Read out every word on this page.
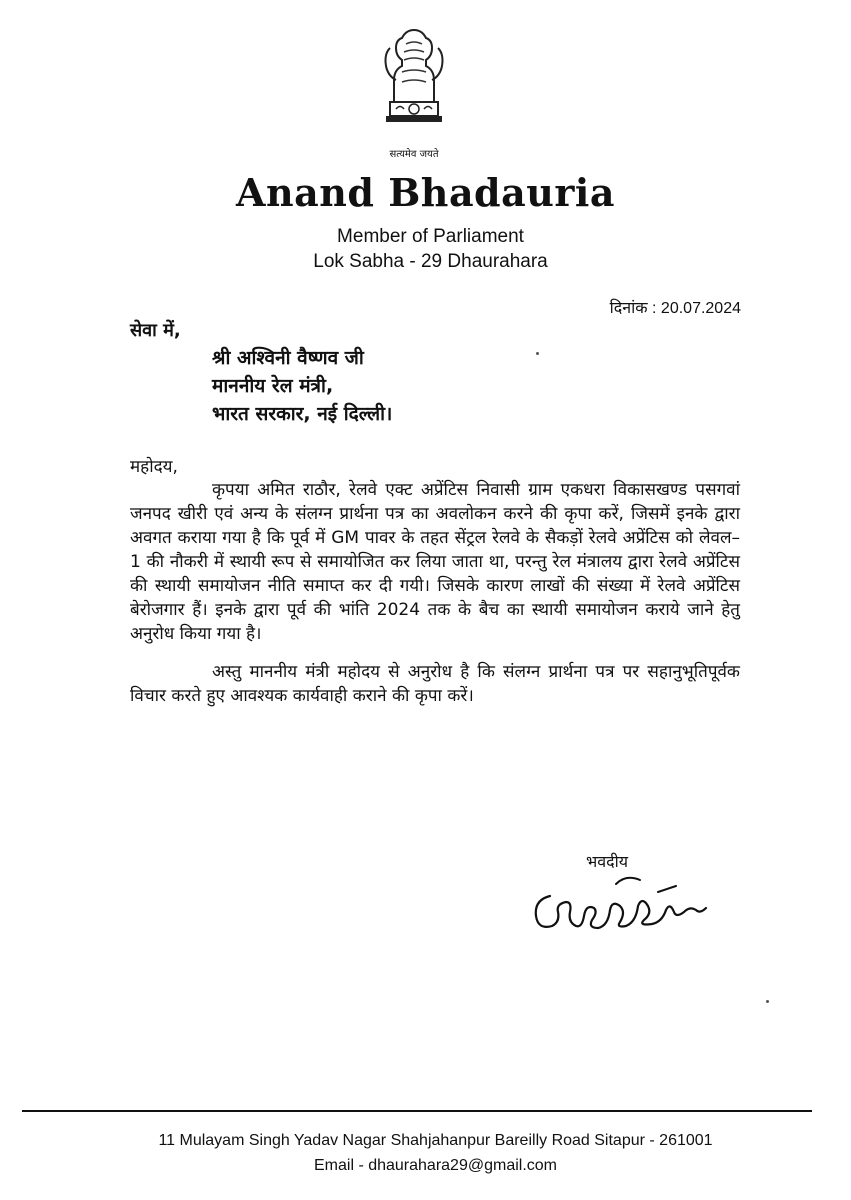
सत्यमेव जयते
Anand Bhadauria
Member of Parliament
Lok Sabha - 29 Dhaurahara
दिनांक : 20.07.2024
सेवा में,
श्री अश्विनी वैष्णव जी
माननीय रेल मंत्री,
भारत सरकार, नई दिल्ली।
महोदय,

कृपया अमित राठौर, रेलवे एक्ट अप्रेंटिस निवासी ग्राम एकधरा विकासखण्ड पसगवां जनपद खीरी एवं अन्य के संलग्न प्रार्थना पत्र का अवलोकन करने की कृपा करें, जिसमें इनके द्वारा अवगत कराया गया है कि पूर्व में GM पावर के तहत सेंट्रल रेलवे के सैकड़ों रेलवे अप्रेंटिस को लेवल–1 की नौकरी में स्थायी रूप से समायोजित कर लिया जाता था, परन्तु रेल मंत्रालय द्वारा रेलवे अप्रेंटिस की स्थायी समायोजन नीति समाप्त कर दी गयी। जिसके कारण लाखों की संख्या में रेलवे अप्रेंटिस बेरोजगार हैं। इनके द्वारा पूर्व की भांति 2024 तक के बैच का स्थायी समायोजन कराये जाने हेतु अनुरोध किया गया है।

अस्तु माननीय मंत्री महोदय से अनुरोध है कि संलग्न प्रार्थना पत्र पर सहानुभूतिपूर्वक विचार करते हुए आवश्यक कार्यवाही कराने की कृपा करें।

भवदीय
11 Mulayam Singh Yadav Nagar Shahjahanpur Bareilly Road Sitapur - 261001
Email - dhaurahara29@gmail.com
